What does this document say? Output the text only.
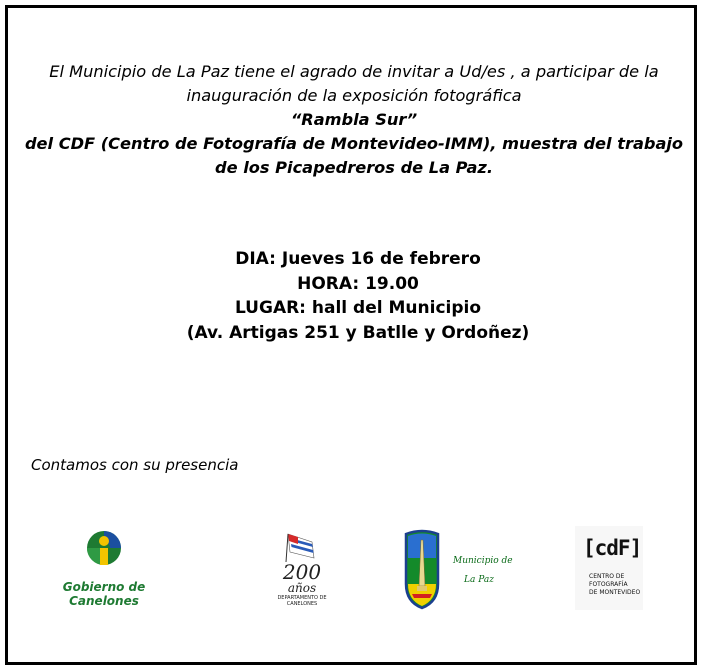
El Municipio de La Paz tiene el agrado de invitar a Ud/es , a participar de la
inauguración de la exposición fotográfica
“Rambla Sur”
del CDF (Centro de Fotografía de Montevideo-IMM), muestra del trabajo
de los Picapedreros de La Paz.
DIA: Jueves 16 de febrero
HORA: 19.00
LUGAR: hall del Municipio
(Av. Artigas 251 y Batlle y Ordoñez)
Contamos con su presencia
Gobierno de
Canelones
200
años
DEPARTAMENTO DE
CANELONES
Municipio de
La Paz
[cdF]
CENTRO DE
FOTOGRAFÍA
DE MONTEVIDEO
